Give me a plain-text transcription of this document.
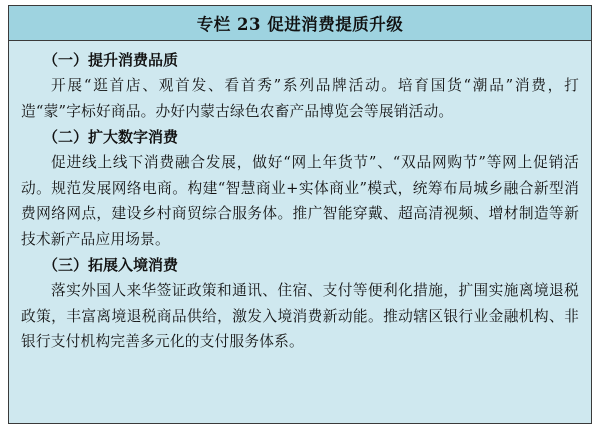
专栏 23 促进消费提质升级

（一）提升消费品质

开展“逛首店、观首发、看首秀”系列品牌活动。培育国货“潮品”消费，打造“蒙”字标好商品。办好内蒙古绿色农畜产品博览会等展销活动。

（二）扩大数字消费

促进线上线下消费融合发展，做好“网上年货节”、“双品网购节”等网上促销活动。规范发展网络电商。构建“智慧商业+实体商业”模式，统筹布局城乡融合新型消费网络网点，建设乡村商贸综合服务体。推广智能穿戴、超高清视频、增材制造等新技术新产品应用场景。

（三）拓展入境消费

落实外国人来华签证政策和通讯、住宿、支付等便利化措施，扩围实施离境退税政策，丰富离境退税商品供给，激发入境消费新动能。推动辖区银行业金融机构、非银行支付机构完善多元化的支付服务体系。
